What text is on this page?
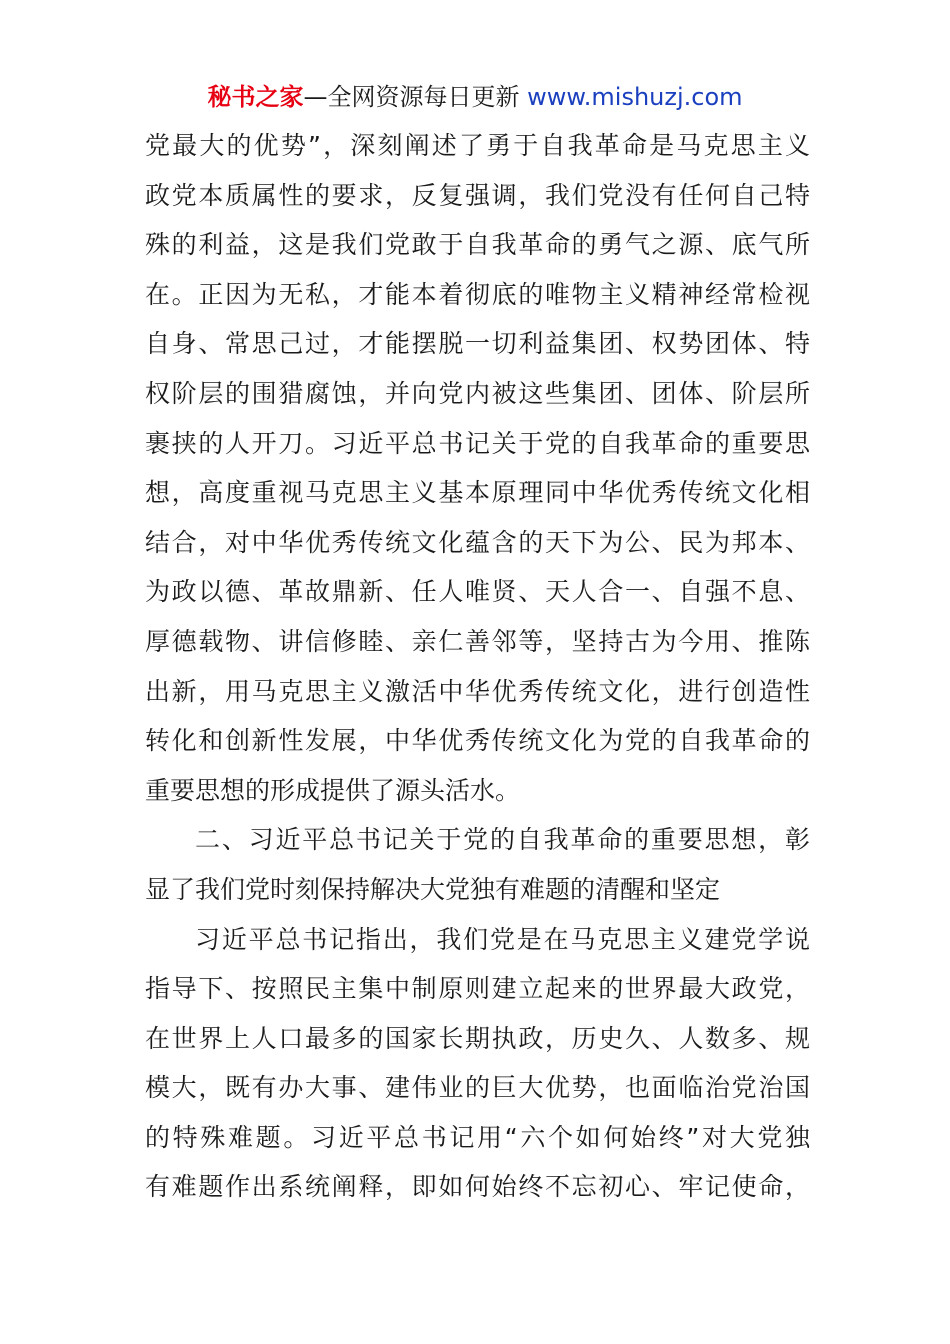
秘书之家—全网资源每日更新 www.mishuzj.com
党最大的优势”，深刻阐述了勇于自我革命是马克思主义
政党本质属性的要求，反复强调，我们党没有任何自己特
殊的利益，这是我们党敢于自我革命的勇气之源、底气所
在。正因为无私，才能本着彻底的唯物主义精神经常检视
自身、常思己过，才能摆脱一切利益集团、权势团体、特
权阶层的围猎腐蚀，并向党内被这些集团、团体、阶层所
裹挟的人开刀。习近平总书记关于党的自我革命的重要思
想，高度重视马克思主义基本原理同中华优秀传统文化相
结合，对中华优秀传统文化蕴含的天下为公、民为邦本、
为政以德、革故鼎新、任人唯贤、天人合一、自强不息、
厚德载物、讲信修睦、亲仁善邻等，坚持古为今用、推陈
出新，用马克思主义激活中华优秀传统文化，进行创造性
转化和创新性发展，中华优秀传统文化为党的自我革命的
重要思想的形成提供了源头活水。
二、习近平总书记关于党的自我革命的重要思想，彰
显了我们党时刻保持解决大党独有难题的清醒和坚定
习近平总书记指出，我们党是在马克思主义建党学说
指导下、按照民主集中制原则建立起来的世界最大政党，
在世界上人口最多的国家长期执政，历史久、人数多、规
模大，既有办大事、建伟业的巨大优势，也面临治党治国
的特殊难题。习近平总书记用“六个如何始终”对大党独
有难题作出系统阐释，即如何始终不忘初心、牢记使命，
